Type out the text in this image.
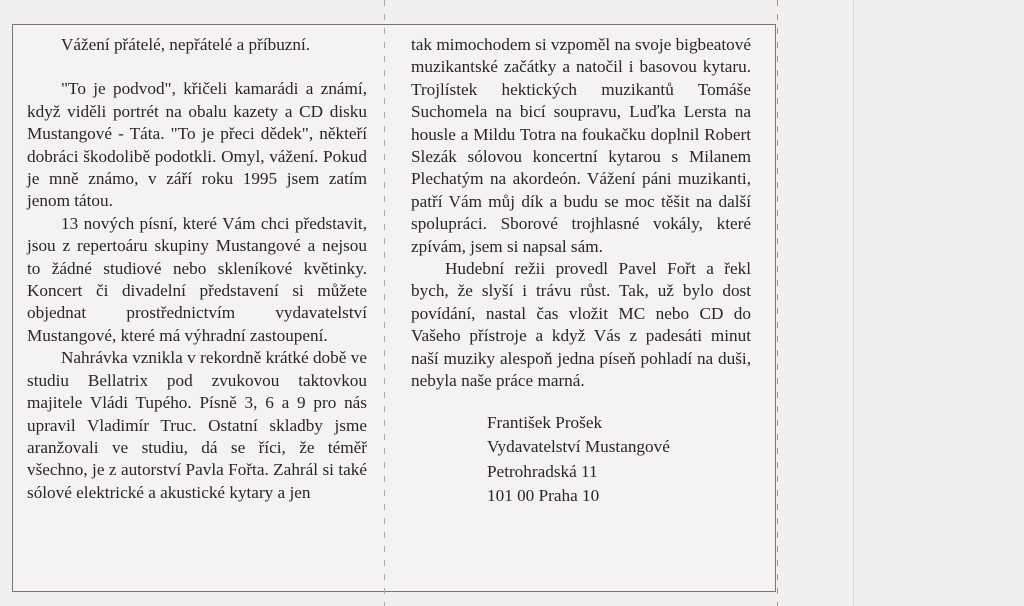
Vážení přátelé, nepřátelé a příbuzní.

"To je podvod", křičeli kamarádi a známí, když viděli portrét na obalu kazety a CD disku Mustangové - Táta. "To je přeci dědek", někteří dobráci škodolibě podotkli. Omyl, vážení. Pokud je mně známo, v září roku 1995 jsem zatím jenom tátou.

13 nových písní, které Vám chci představit, jsou z repertoáru skupiny Mustangové a nejsou to žádné studiové nebo skleníkové květinky. Koncert či divadelní představení si můžete objednat prostřednictvím vydavatelství Mustangové, které má výhradní zastoupení.

Nahrávka vznikla v rekordně krátké době ve studiu Bellatrix pod zvukovou taktovkou majitele Vládi Tupého. Písně 3, 6 a 9 pro nás upravil Vladimír Truc. Ostatní skladby jsme aranžovali ve studiu, dá se říci, že téměř všechno, je z autorství Pavla Fořta. Zahrál si také sólové elektrické a akustické kytary a jen

tak mimochodem si vzpoměl na svoje bigbeatové muzikantské začátky a natočil i basovou kytaru. Trojlístek hektických muzikantů Tomáše Suchomela na bicí soupravu, Luďka Lersta na housle a Mildu Totra na foukačku doplnil Robert Slezák sólovou koncertní kytarou s Milanem Plechatým na akordeón. Vážení páni muzikanti, patří Vám můj dík a budu se moc těšit na další spolupráci. Sborové trojhlasné vokály, které zpívám, jsem si napsal sám.

Hudební režii provedl Pavel Fořt a řekl bych, že slyší i trávu růst. Tak, už bylo dost povídání, nastal čas vložit MC nebo CD do Vašeho přístroje a když Vás z padesáti minut naší muziky alespoň jedna píseň pohladí na duši, nebyla naše práce marná.

František Prošek
Vydavatelství Mustangové
Petrohradská 11
101 00 Praha 10
